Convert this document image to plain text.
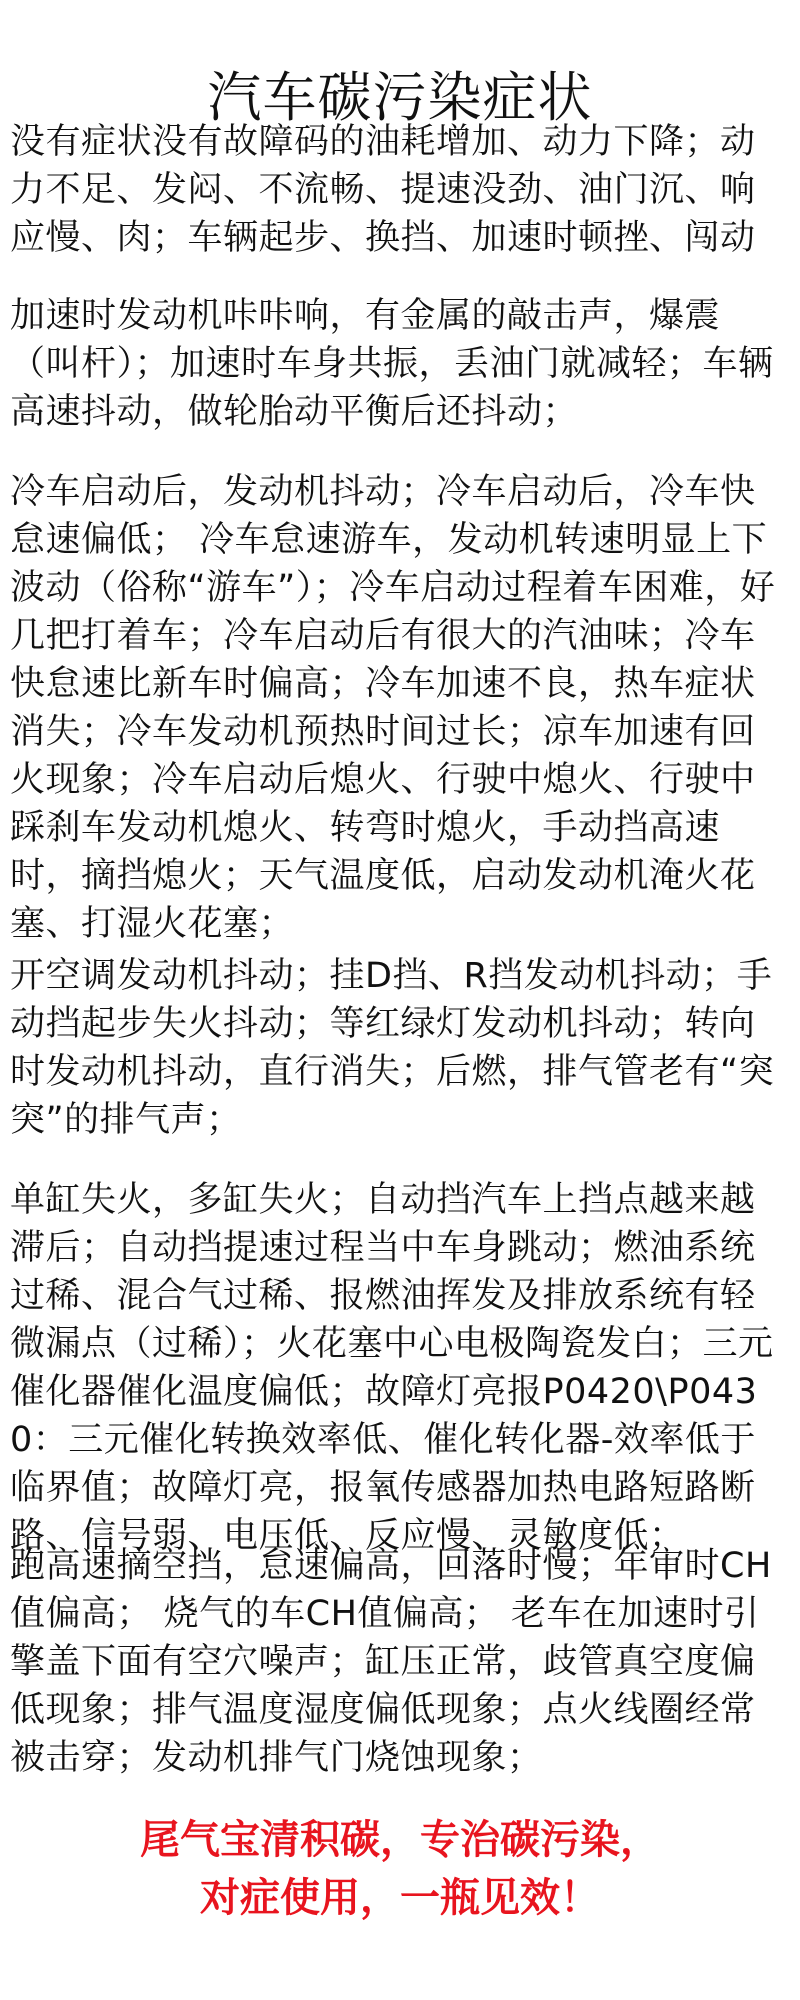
汽车碳污染症状

没有症状没有故障码的油耗增加、动力下降；动力不足、发闷、不流畅、提速没劲、油门沉、响应慢、肉；车辆起步、换挡、加速时顿挫、闯动

加速时发动机咔咔响，有金属的敲击声，爆震（叫杆）；加速时车身共振，丢油门就减轻；车辆高速抖动，做轮胎动平衡后还抖动；

冷车启动后，发动机抖动；冷车启动后，冷车快怠速偏低； 冷车怠速游车，发动机转速明显上下波动（俗称“游车”）；冷车启动过程着车困难，好几把打着车；冷车启动后有很大的汽油味；冷车快怠速比新车时偏高；冷车加速不良，热车症状消失；冷车发动机预热时间过长；凉车加速有回火现象；冷车启动后熄火、行驶中熄火、行驶中踩刹车发动机熄火、转弯时熄火，手动挡高速时，摘挡熄火；天气温度低，启动发动机淹火花塞、打湿火花塞；

开空调发动机抖动；挂D挡、R挡发动机抖动；手动挡起步失火抖动；等红绿灯发动机抖动；转向时发动机抖动，直行消失；后燃，排气管老有“突突”的排气声；

单缸失火，多缸失火；自动挡汽车上挡点越来越滞后；自动挡提速过程当中车身跳动；燃油系统过稀、混合气过稀、报燃油挥发及排放系统有轻微漏点（过稀）；火花塞中心电极陶瓷发白；三元催化器催化温度偏低；故障灯亮报P0420\P0430：三元催化转换效率低、催化转化器-效率低于临界值；故障灯亮，报氧传感器加热电路短路断路、信号弱、电压低、反应慢、灵敏度低；

跑高速摘空挡，怠速偏高，回落时慢；年审时CH值偏高； 烧气的车CH值偏高； 老车在加速时引擎盖下面有空穴噪声；缸压正常，歧管真空度偏低现象；排气温度湿度偏低现象；点火线圈经常被击穿；发动机排气门烧蚀现象；

尾气宝清积碳，专治碳污染，
对症使用，一瓶见效！
